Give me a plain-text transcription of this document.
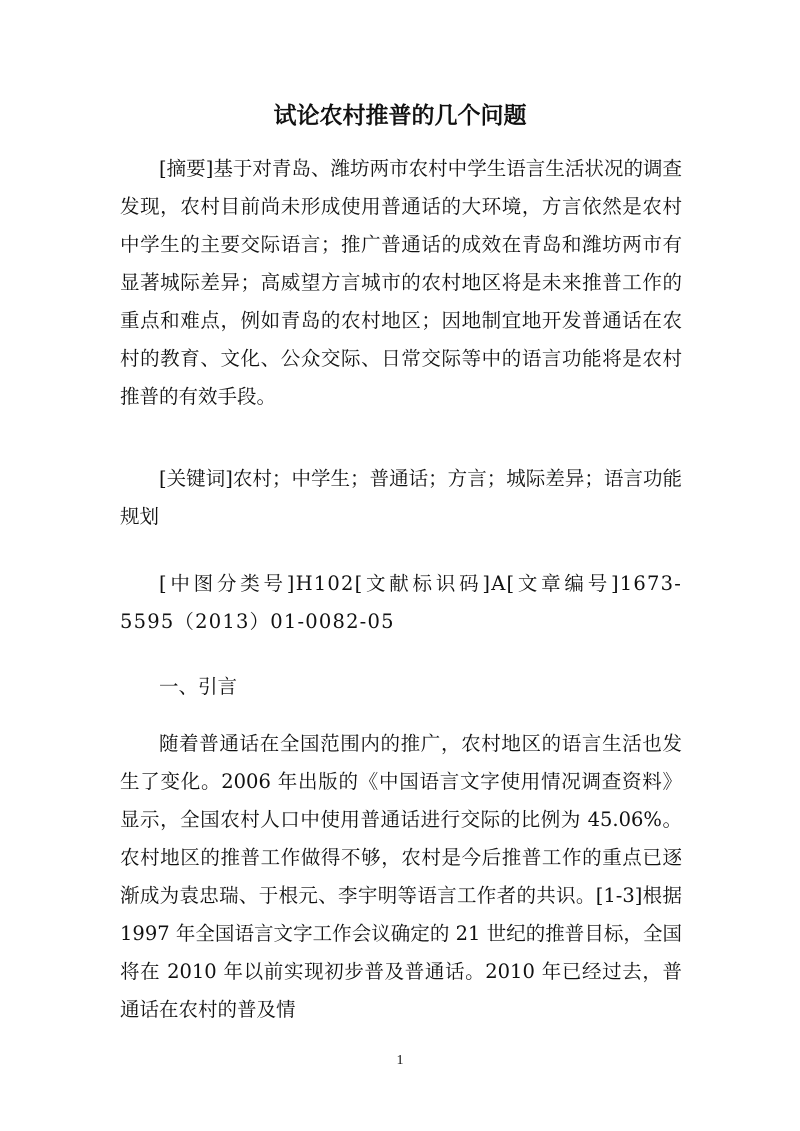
试论农村推普的几个问题

[摘要]基于对青岛、潍坊两市农村中学生语言生活状况的调查发现，农村目前尚未形成使用普通话的大环境，方言依然是农村中学生的主要交际语言；推广普通话的成效在青岛和潍坊两市有显著城际差异；高威望方言城市的农村地区将是未来推普工作的重点和难点，例如青岛的农村地区；因地制宜地开发普通话在农村的教育、文化、公众交际、日常交际等中的语言功能将是农村推普的有效手段。

[关键词]农村；中学生；普通话；方言；城际差异；语言功能规划

[中图分类号]H102[文献标识码]A[文章编号]1673-5595（2013）01-0082-05

一、引言

随着普通话在全国范围内的推广，农村地区的语言生活也发生了变化。2006 年出版的《中国语言文字使用情况调查资料》显示，全国农村人口中使用普通话进行交际的比例为 45.06%。农村地区的推普工作做得不够，农村是今后推普工作的重点已逐渐成为袁忠瑞、于根元、李宇明等语言工作者的共识。[1-3]根据 1997 年全国语言文字工作会议确定的 21 世纪的推普目标，全国将在 2010 年以前实现初步普及普通话。2010 年已经过去，普通话在农村的普及情

1
